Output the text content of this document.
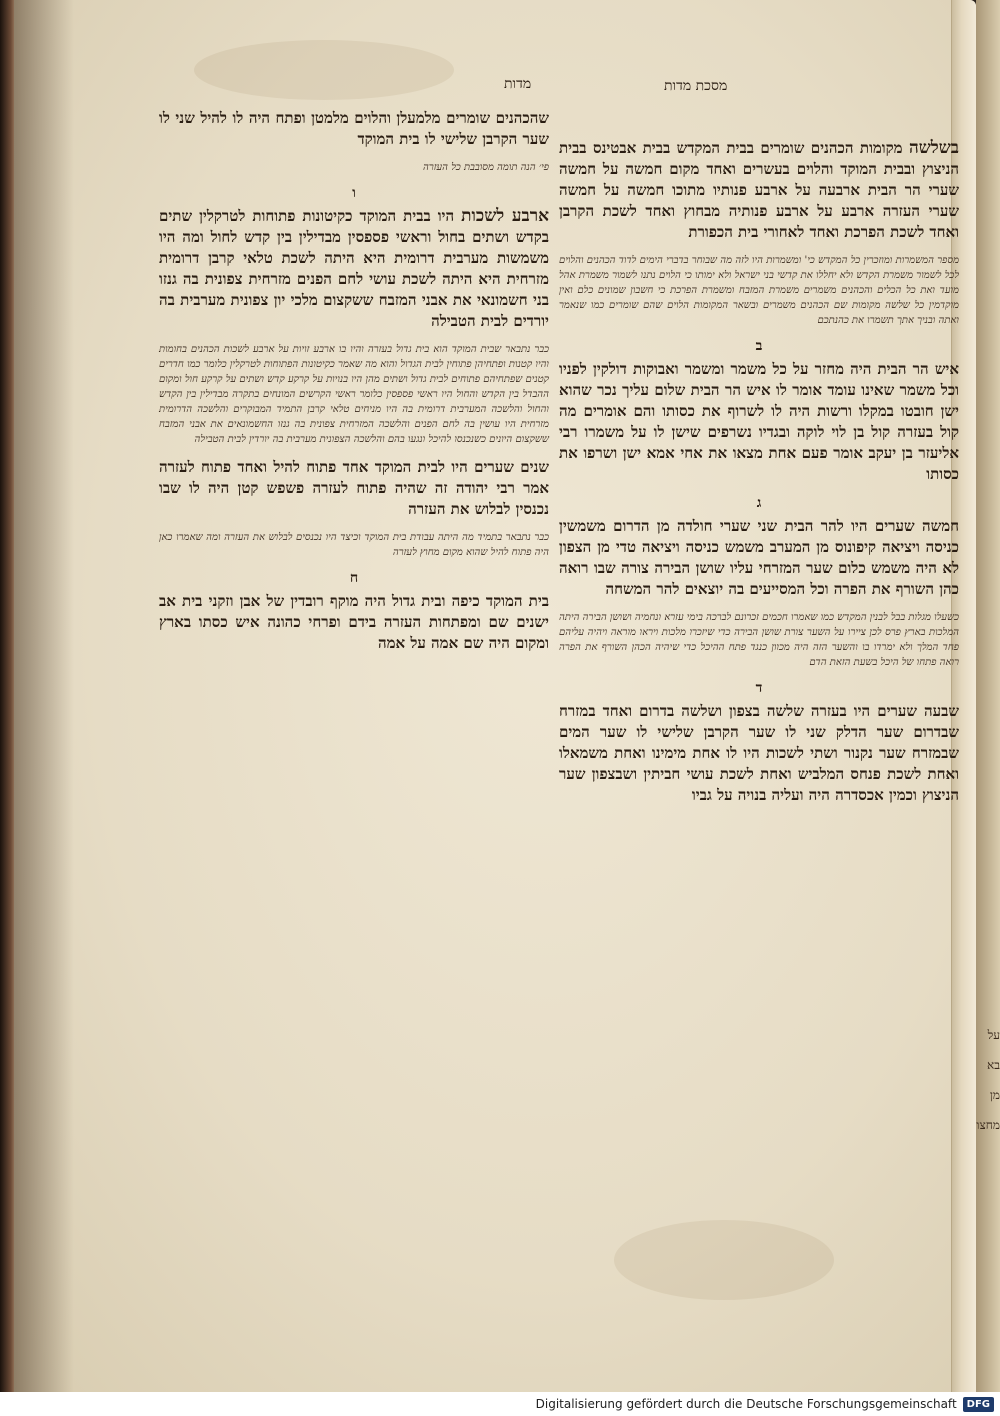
מסכת מדות
מדות

בשלשה מקומות הכהנים שומרים בבית המקדש בבית אבטינס בבית הניצוץ ובבית המוקד והלוים בעשרים ואחד מקום חמשה על חמשה שערי הר הבית ארבעה על ארבע פנותיו מתוכו חמשה על חמשה שערי העזרה ארבע על ארבע פנותיה מבחוץ ואחד לשכת הקרבן ואחד לשכת הפרכת ואחד לאחורי בית הכפורת

מספר המשמרות ומוזכרין כל המקדש כי' ומשמרות היו לזה מה שבוחר בדברי הימים לדוד הכהנים והלוים לכל לשמור משמרת הקדש ולא יחללו את קדשי בני ישראל ולא ימותו כי הלוים נתנו לשמור משמרת אהל מועד ואת כל הכלים והכהנים משמרים משמרת המזבח ומשמרת הפרכת כי חשבון שמונים כלם ואין מוקדמין כל שלשה מקומות שם הכהנים משמרים ובשאר המקומות הלוים שהם שומרים כמו שנאמר ואתה ובניך אתך תשמרו את כהנתכם

ב

איש הר הבית היה מחזר על כל משמר ומשמר ואבוקות דולקין לפניו וכל משמר שאינו עומד אומר לו איש הר הבית שלום עליך נכר שהוא ישן חובטו במקלו ורשות היה לו לשרוף את כסותו והם אומרים מה קול בעזרה קול בן לוי לוקה ובגדיו נשרפים שישן לו על משמרו רבי אליעזר בן יעקב אומר פעם אחת מצאו את אחי אמא ישן ושרפו את כסותו

ג

חמשה שערים היו להר הבית שני שערי חולדה מן הדרום משמשין כניסה ויציאה קיפונוס מן המערב משמש כניסה ויציאה טדי מן הצפון לא היה משמש כלום שער המזרחי עליו שושן הבירה צורה שבו רואה כהן השורף את הפרה וכל המסייעים בה יוצאים להר המשחה

כשעלו מגלות בבל לבנין המקדש כמו שאמרו חכמים זכרונם לברכה בימי עזרא ונחמיה ושושן הבירה היתה המלכות בארץ פרס לכן ציירו על השער צורת שושן הבירה כדי שיזכרו מלכות ויראו מוראה ויהיה עליהם פחד המלך ולא ימרדו בו והשער הזה היה מכוון כנגד פתח ההיכל כדי שיהיה הכהן השורף את הפרה רואה פתחו של היכל בשעת הזאת הדם

ד

שבעה שערים היו בעזרה שלשה בצפון ושלשה בדרום ואחד במזרח שבדרום שער הדלק שני לו שער הקרבן שלישי לו שער המים שבמזרח שער נקנור ושתי לשכות היו לו אחת מימינו ואחת משמאלו ואחת לשכת פנחס המלביש ואחת לשכת עושי חביתין ושבצפון שער הניצוץ וכמין אכסדרה היה ועליה בנויה על גביו

שהכהנים שומרים מלמעלן והלוים מלמטן ופתח היה לו להיל שני לו שער הקרבן שלישי לו בית המוקד

פי׳ הנה תומה מסובבת כל העזרה

ו

ארבע לשכות היו בבית המוקד כקיטונות פתוחות לטרקלין שתים בקדש ושתים בחול וראשי פספסין מבדילין בין קדש לחול ומה היו משמשות מערבית דרומית היא היתה לשכת טלאי קרבן דרומית מזרחית היא היתה לשכת עושי לחם הפנים מזרחית צפונית בה גנזו בני חשמונאי את אבני המזבח ששקצום מלכי יון צפונית מערבית בה יורדים לבית הטבילה

כבר נתבאר שבית המוקד הוא בית גדול בעזרה והיו בו ארבע זויות על ארבע לשכות הכהנים בחומות והיו קטנות ופתחיהן פתוחין לבית הגדול והוא מה שאמר כקיטונות הפתוחות לטרקלין כלומר כמו חדרים קטנים שפתחיהם פתוחים לבית גדול ושתים מהן היו בנויות על קרקע קדש ושתים על קרקע חול ומקום ההבדל בין הקדש והחול היו ראשי פספסין כלומר ראשי הקרשים המונחים בתקרה מבדילין בין הקדש והחול והלשכה המערבית דרומית בה היו מניחים טלאי קרבן התמיד המבוקרים והלשכה הדרומית מזרחית היו עושין בה לחם הפנים והלשכה המזרחית צפונית בה גנזו החשמונאים את אבני המזבח ששקצום היונים כשנכנסו להיכל ונגעו בהם והלשכה הצפונית מערבית בה יורדין לבית הטבילה

שנים שערים היו לבית המוקד אחד פתוח להיל ואחד פתוח לעזרה אמר רבי יהודה זה שהיה פתוח לעזרה פשפש קטן היה לו שבו נכנסין לבלוש את העזרה

כבר נתבאר בתמיד מה היתה עבודת בית המוקד וכיצד היו נכנסים לבלוש את העזרה ומה שאמרו כאן היה פתוח להיל שהוא מקום מחוץ לעזרה

ח

בית המוקד כיפה ובית גדול היה מוקף רובדין של אבן וזקני בית אב ישנים שם ומפתחות העזרה בידם ופרחי כהונה איש כסתו בארץ ומקום היה שם אמה על אמה

על בא מן מחצו
Digitalisierung gefördert durch die Deutsche Forschungsgemeinschaft	DFG
